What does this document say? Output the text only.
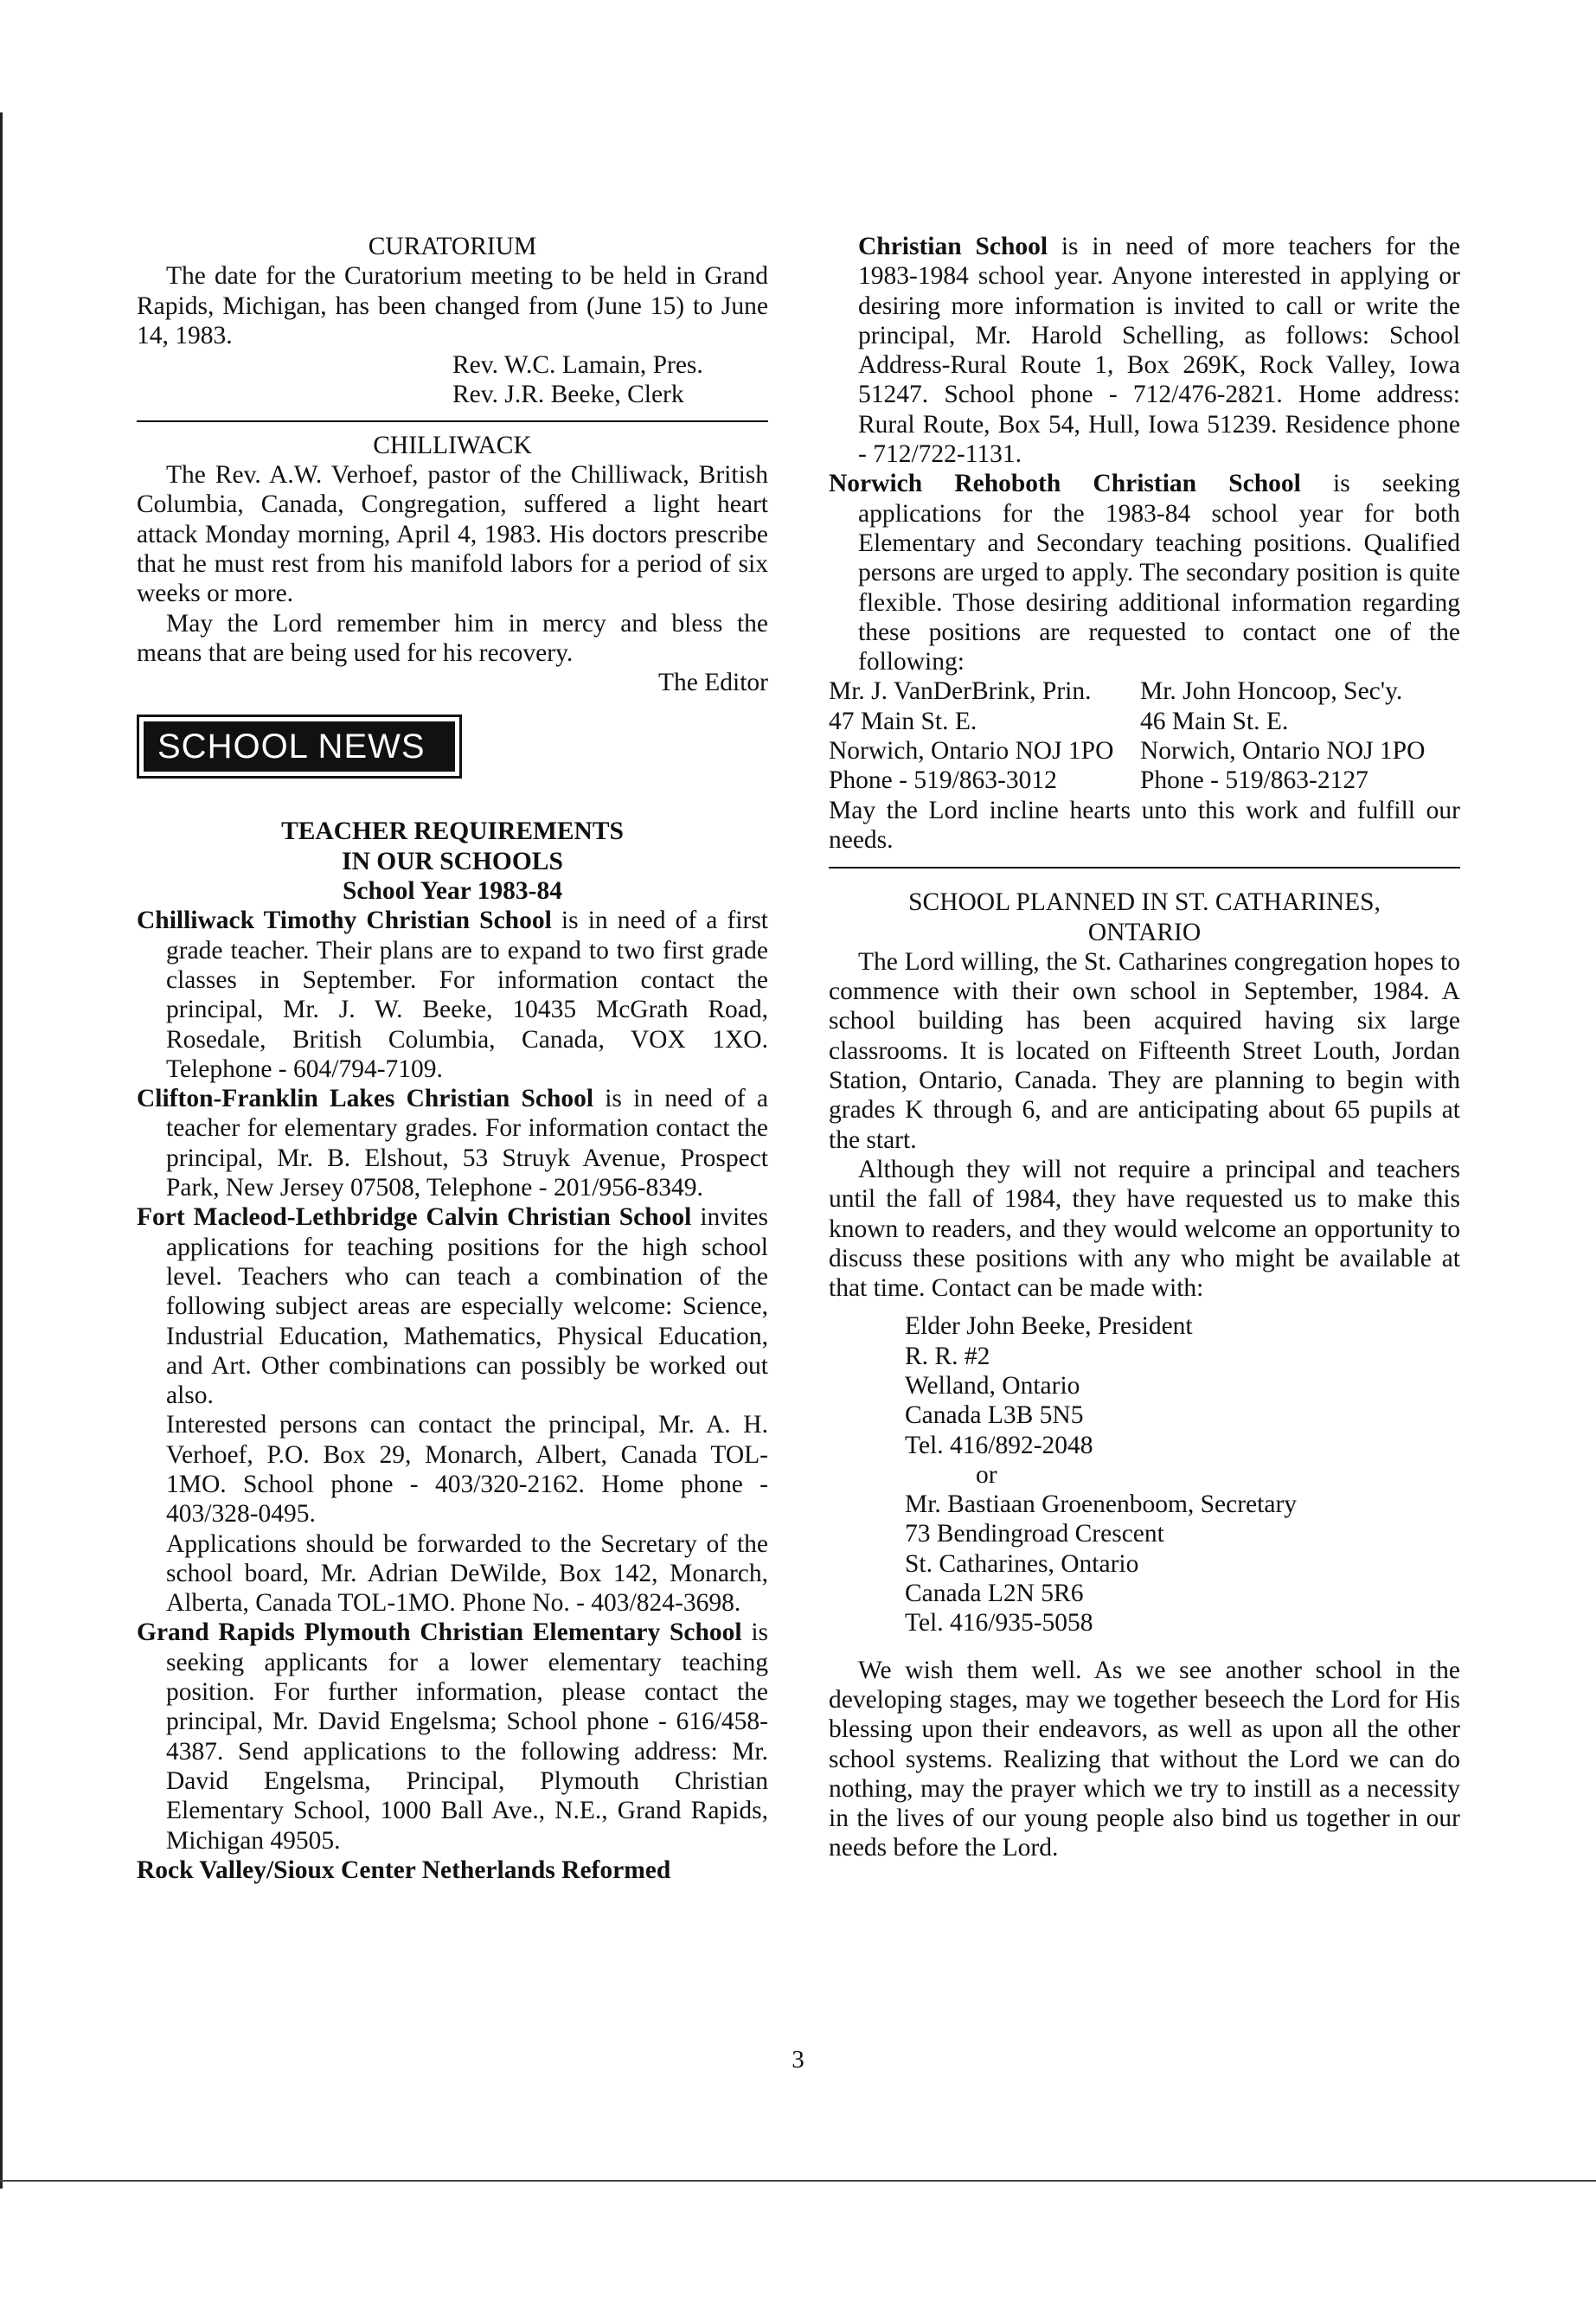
CURATORIUM

The date for the Curatorium meeting to be held in Grand Rapids, Michigan, has been changed from (June 15) to June 14, 1983.

Rev. W.C. Lamain, Pres.

Rev. J.R. Beeke, Clerk

CHILLIWACK

The Rev. A.W. Verhoef, pastor of the Chilliwack, British Columbia, Canada, Congregation, suffered a light heart attack Monday morning, April 4, 1983. His doctors prescribe that he must rest from his manifold labors for a period of six weeks or more.

May the Lord remember him in mercy and bless the means that are being used for his recovery.

The Editor

SCHOOL NEWS

TEACHER REQUIREMENTS

IN OUR SCHOOLS

School Year 1983-84

Chilliwack Timothy Christian School is in need of a first grade teacher. Their plans are to expand to two first grade classes in September. For information contact the principal, Mr. J. W. Beeke, 10435 McGrath Road, Rosedale, British Columbia, Canada, VOX 1XO. Telephone - 604/794-7109.

Clifton-Franklin Lakes Christian School is in need of a teacher for elementary grades. For information contact the principal, Mr. B. Elshout, 53 Struyk Avenue, Prospect Park, New Jersey 07508, Telephone - 201/956-8349.

Fort Macleod-Lethbridge Calvin Christian School invites applications for teaching positions for the high school level. Teachers who can teach a combination of the following subject areas are especially welcome: Science, Industrial Education, Mathematics, Physical Education, and Art. Other combinations can possibly be worked out also.

Interested persons can contact the principal, Mr. A. H. Verhoef, P.O. Box 29, Monarch, Albert, Canada TOL-1MO. School phone - 403/320-2162. Home phone - 403/328-0495.

Applications should be forwarded to the Secretary of the school board, Mr. Adrian DeWilde, Box 142, Monarch, Alberta, Canada TOL-1MO. Phone No. - 403/824-3698.

Grand Rapids Plymouth Christian Elementary School is seeking applicants for a lower elementary teaching position. For further information, please contact the principal, Mr. David Engelsma; School phone - 616/458-4387. Send applications to the following address: Mr. David Engelsma, Principal, Plymouth Christian Elementary School, 1000 Ball Ave., N.E., Grand Rapids, Michigan 49505.

Rock Valley/Sioux Center Netherlands Reformed

Christian School is in need of more teachers for the 1983-1984 school year. Anyone interested in applying or desiring more information is invited to call or write the principal, Mr. Harold Schelling, as follows: School Address-Rural Route 1, Box 269K, Rock Valley, Iowa 51247. School phone - 712/476-2821. Home address: Rural Route, Box 54, Hull, Iowa 51239. Residence phone - 712/722-1131.

Norwich Rehoboth Christian School is seeking applications for the 1983-84 school year for both Elementary and Secondary teaching positions. Qualified persons are urged to apply. The secondary position is quite flexible. Those desiring additional information regarding these positions are requested to contact one of the following:

Mr. J. VanDerBrink, Prin.	Mr. John Honcoop, Sec'y.
47 Main St. E.	46 Main St. E.
Norwich, Ontario NOJ 1PO	Norwich, Ontario NOJ 1PO
Phone - 519/863-3012	Phone - 519/863-2127

May the Lord incline hearts unto this work and fulfill our needs.

SCHOOL PLANNED IN ST. CATHARINES,

ONTARIO

The Lord willing, the St. Catharines congregation hopes to commence with their own school in September, 1984. A school building has been acquired having six large classrooms. It is located on Fifteenth Street Louth, Jordan Station, Ontario, Canada. They are planning to begin with grades K through 6, and are anticipating about 65 pupils at the start.

Although they will not require a principal and teachers until the fall of 1984, they have requested us to make this known to readers, and they would welcome an opportunity to discuss these positions with any who might be available at that time. Contact can be made with:

Elder John Beeke, President

R. R. #2

Welland, Ontario

Canada L3B 5N5

Tel. 416/892-2048

or

Mr. Bastiaan Groenenboom, Secretary

73 Bendingroad Crescent

St. Catharines, Ontario

Canada L2N 5R6

Tel. 416/935-5058

We wish them well. As we see another school in the developing stages, may we together beseech the Lord for His blessing upon their endeavors, as well as upon all the other school systems. Realizing that without the Lord we can do nothing, may the prayer which we try to instill as a necessity in the lives of our young people also bind us together in our needs before the Lord.

3
